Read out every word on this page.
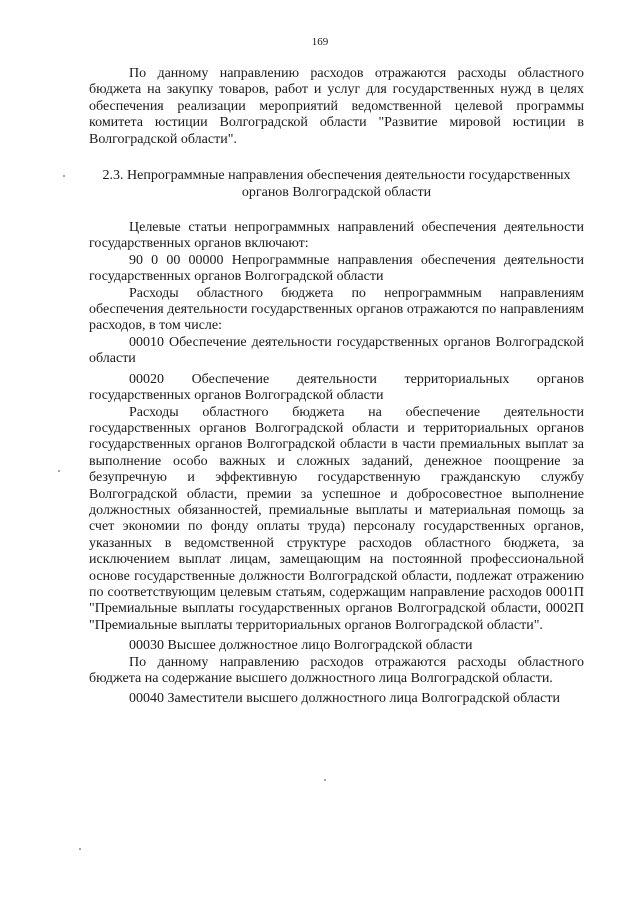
169

По данному направлению расходов отражаются расходы областного бюджета на закупку товаров, работ и услуг для государственных нужд в целях обеспечения реализации мероприятий ведомственной целевой программы комитета юстиции Волгоградской области "Развитие мировой юстиции в Волгоградской области".

2.3. Непрограммные направления обеспечения деятельности государственных органов Волгоградской области

Целевые статьи непрограммных направлений обеспечения деятельности государственных органов включают:

90 0 00 00000 Непрограммные направления обеспечения деятельности государственных органов Волгоградской области

Расходы областного бюджета по непрограммным направлениям обеспечения деятельности государственных органов отражаются по направлениям расходов, в том числе:

00010 Обеспечение деятельности государственных органов Волгоградской области

00020 Обеспечение деятельности территориальных органов государственных органов Волгоградской области

Расходы областного бюджета на обеспечение деятельности государственных органов Волгоградской области и территориальных органов государственных органов Волгоградской области в части премиальных выплат за выполнение особо важных и сложных заданий, денежное поощрение за безупречную и эффективную государственную гражданскую службу Волгоградской области, премии за успешное и добросовестное выполнение должностных обязанностей, премиальные выплаты и материальная помощь за счет экономии по фонду оплаты труда) персоналу государственных органов, указанных в ведомственной структуре расходов областного бюджета, за исключением выплат лицам, замещающим на постоянной профессиональной основе государственные должности Волгоградской области, подлежат отражению по соответствующим целевым статьям, содержащим направление расходов 0001П "Премиальные выплаты государственных органов Волгоградской области, 0002П "Премиальные выплаты территориальных органов Волгоградской области".

00030 Высшее должностное лицо Волгоградской области

По данному направлению расходов отражаются расходы областного бюджета на содержание высшего должностного лица Волгоградской области.

00040 Заместители высшего должностного лица Волгоградской области
